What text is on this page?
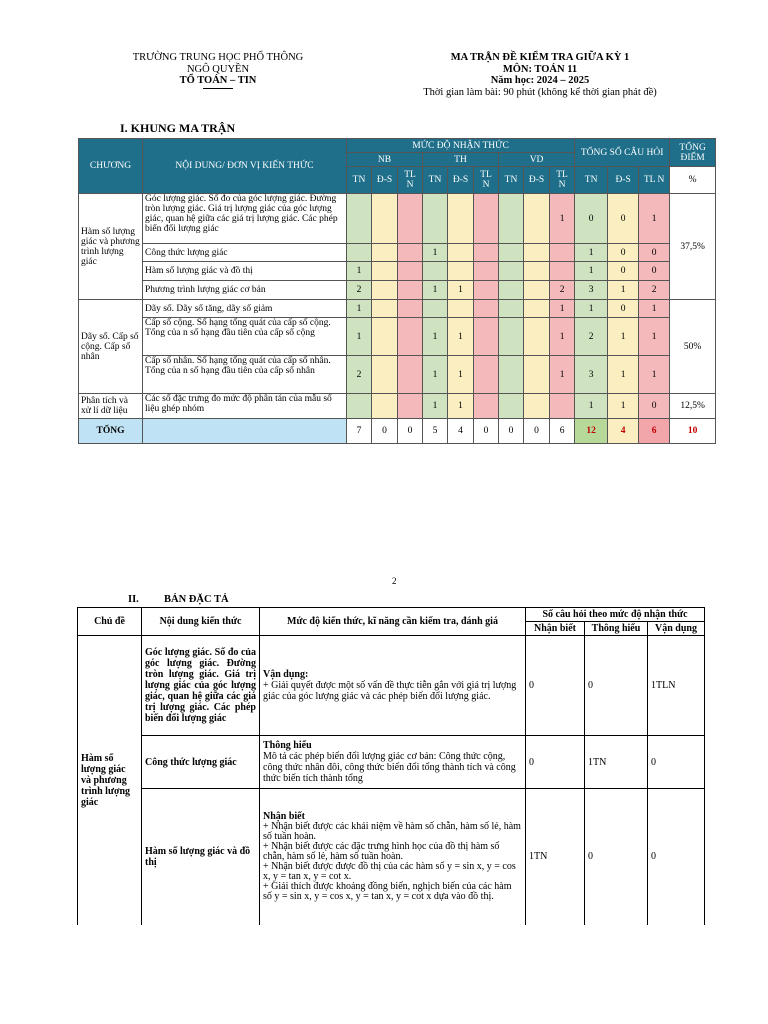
TRƯỜNG TRUNG HỌC PHỔ THÔNG
NGÔ QUYỀN
TỔ TOÁN – TIN
MA TRẬN ĐỀ KIỂM TRA GIỮA KỲ 1
MÔN: TOÁN 11
Năm học: 2024 – 2025
Thời gian làm bài: 90 phút (không kể thời gian phát đề)
I. KHUNG MA TRẬN
CHƯƠNG	NỘI DUNG/ ĐƠN VỊ KIẾN THỨC	MỨC ĐỘ NHẬN THỨC									TỔNG SỐ CÂU HỎI			TỔNG ĐIỂM
		NB			TH			VD						
		TN	Đ-S	TL N	TN	Đ-S	TL N	TN	Đ-S	TL N	TN	Đ-S	TL N	%
Hàm số lượng giác và phương trình lượng giác	Góc lượng giác. Số đo của góc lượng giác. Đường tròn lượng giác. Giá trị lượng giác của góc lượng giác, quan hệ giữa các giá trị lượng giác. Các phép biến đổi lượng giác									1	0	0	1	37,5%
	Công thức lượng giác				1						1	0	0	
	Hàm số lượng giác và đồ thị	1									1	0	0	
	Phương trình lượng giác cơ bản	2			1	1				2	3	1	2	
Dãy số. Cấp số cộng. Cấp số nhân	Dãy số. Dãy số tăng, dãy số giảm	1								1	1	0	1	50%
	Cấp số cộng. Số hạng tổng quát của cấp số cộng. Tổng của n số hạng đầu tiên của cấp số cộng	1			1	1				1	2	1	1	
	Cấp số nhân. Số hạng tổng quát của cấp số nhân. Tổng của n số hạng đầu tiên của cấp số nhân	2			1	1				1	3	1	1	
Phân tích và xử lí dữ liệu	Các số đặc trưng đo mức độ phân tán của mẫu số liệu ghép nhóm				1	1					1	1	0	12,5%
TỔNG		7	0	0	5	4	0	0	0	6	12	4	6	10
2
II. BẢN ĐẶC TẢ
Chủ đề	Nội dung kiến thức	Mức độ kiến thức, kĩ năng cần kiểm tra, đánh giá	Số câu hỏi theo mức độ nhận thức		
			Nhận biết	Thông hiểu	Vận dụng
Hàm số lượng giác và phương trình lượng giác	Góc lượng giác. Số đo của góc lượng giác. Đường tròn lượng giác. Giá trị lượng giác của góc lượng giác, quan hệ giữa các giá trị lượng giác. Các phép biến đổi lượng giác	Vận dụng:
+ Giải quyết được một số vấn đề thực tiễn gắn với giá trị lượng giác của góc lượng giác và các phép biến đổi lượng giác.	0	0	1TLN
	Công thức lượng giác	Thông hiểu
Mô tả các phép biến đổi lượng giác cơ bản: Công thức cộng, công thức nhân đôi, công thức biến đổi tổng thành tích và công thức biến tích thành tổng	0	1TN	0
	Hàm số lượng giác và đồ thị	Nhận biết
+ Nhận biết được các khái niệm về hàm số chẵn, hàm số lẻ, hàm số tuần hoàn.
+ Nhận biết được các đặc trưng hình học của đồ thị hàm số chẵn, hàm số lẻ, hàm số tuần hoàn.
+ Nhận biết được được đồ thị của các hàm số y = sin x, y = cos x, y = tan x, y = cot x.
+ Giải thích được khoảng đồng biến, nghịch biến của các hàm số y = sin x, y = cos x, y = tan x, y = cot x dựa vào đồ thị.	1TN	0	0
